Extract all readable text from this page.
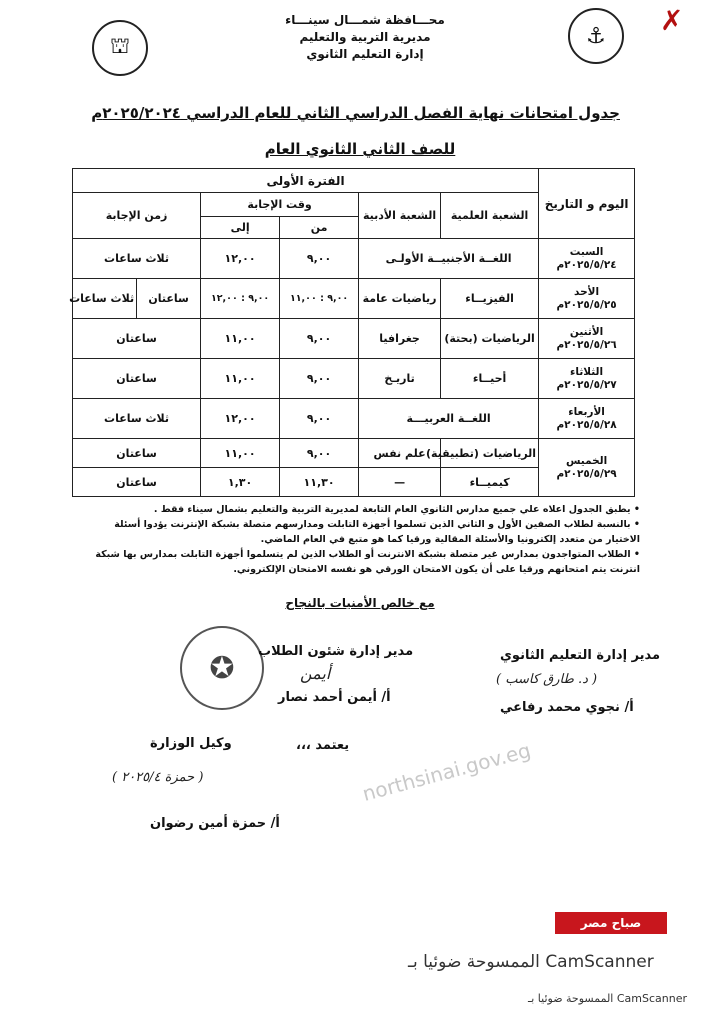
✗
⚓
⛫
محـــافظة شمـــال سينـــاء
مديرية التربية والتعليم
إدارة التعليم الثانوي
جدول امتحانات نهاية الفصل الدراسي الثاني للعام الدراسي ٢٠٢٥/٢٠٢٤م
للصف الثاني الثانوي العام
اليوم و التاريخ	الفترة الأولى					
	الشعبة العلمية	الشعبة الأدبية	وقت الإجابة		زمن الإجابة	
			من	إلى		
السبت
٢٠٢٥/٥/٢٤م	اللغــة الأجنبيــة الأولـى		٩,٠٠	١٢,٠٠	ثلاث ساعات	
الأحد
٢٠٢٥/٥/٢٥م	الفيزيــاء	رياضيات عامة	٩,٠٠ : ١١,٠٠	٩,٠٠ : ١٢,٠٠	ساعتان	ثلاث ساعات
الأثنين
٢٠٢٥/٥/٢٦م	الرياضيات (بحتة)	جغرافيا	٩,٠٠	١١,٠٠	ساعتان	
الثلاثاء
٢٠٢٥/٥/٢٧م	أحيــاء	تاريـخ	٩,٠٠	١١,٠٠	ساعتان	
الأربعاء
٢٠٢٥/٥/٢٨م	اللغــة العربيـــة		٩,٠٠	١٢,٠٠	ثلاث ساعات	
الخميس
٢٠٢٥/٥/٢٩م	الرياضيات (تطبيقية)	علم نفس	٩,٠٠	١١,٠٠	ساعتان	
	كيميــاء	—	١١,٣٠	١,٣٠	ساعتان	

• يطبق الجدول اعلاه علي جميع مدارس الثانوي العام التابعة لمديرية التربية والتعليم بشمال سيناء فقط .

• بالنسبة لطلاب الصفين الأول و الثاني الذين تسلموا أجهزة التابلت ومدارسهم متصلة بشبكة الإنترنت يؤدوا أسئلة الاختيار من متعدد إلكترونيا والأسئلة المقالية ورقيا كما هو متبع في العام الماضي.

• الطلاب المتواجدون بمدارس غير متصلة بشبكة الانترنت أو الطلاب الذين لم يتسلموا أجهزة التابلت بمدارس بها شبكة انترنت يتم امتحانهم ورقيا على أن يكون الامتحان الورقي هو نفسه الامتحان الإلكتروني.

مع خالص الأمنيات بالنجاح
مدير إدارة التعليم الثانوي
( د. طارق كاسب )
أ/ نجوي محمد رفاعي
✪	مدير إدارة شئون الطلاب
أيمن
أ/ أيمن أحمد نصار
يعتمد ،،،
وكيل الوزارة
( حمزة ٢٠٢٥/٤ )
أ/ حمزة أمين رضوان
northsinai.gov.eg
صباح مصر
CamScanner الممسوحة ضوئيا بـ
CamScanner الممسوحة ضوئيا بـ
